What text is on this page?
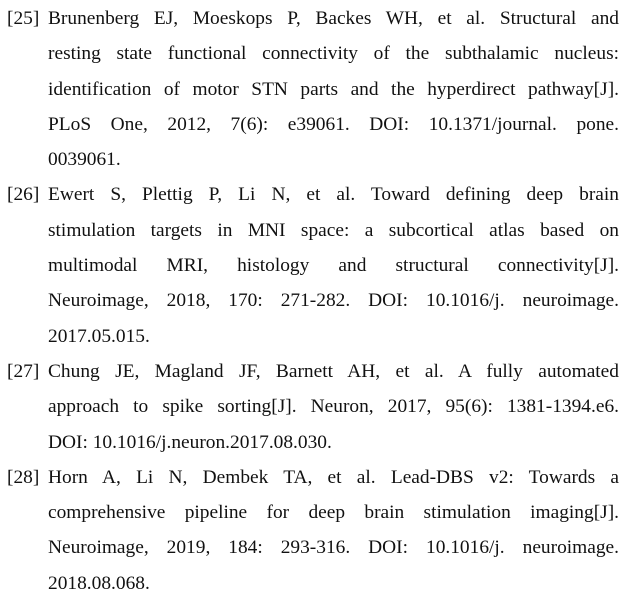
[25] Brunenberg EJ, Moeskops P, Backes WH, et al. Structural and
resting state functional connectivity of the subthalamic nucleus:
identification of motor STN parts and the hyperdirect pathway[J].
PLoS One, 2012, 7(6): e39061. DOI: 10.1371/journal. pone.
0039061.
[26] Ewert S, Plettig P, Li N, et al. Toward defining deep brain
stimulation targets in MNI space: a subcortical atlas based on
multimodal MRI, histology and structural connectivity[J].
Neuroimage, 2018, 170: 271-282. DOI: 10.1016/j. neuroimage.
2017.05.015.
[27] Chung JE, Magland JF, Barnett AH, et al. A fully automated
approach to spike sorting[J]. Neuron, 2017, 95(6): 1381-1394.e6.
DOI: 10.1016/j.neuron.2017.08.030.
[28] Horn A, Li N, Dembek TA, et al. Lead-DBS v2: Towards a
comprehensive pipeline for deep brain stimulation imaging[J].
Neuroimage, 2019, 184: 293-316. DOI: 10.1016/j. neuroimage.
2018.08.068.
